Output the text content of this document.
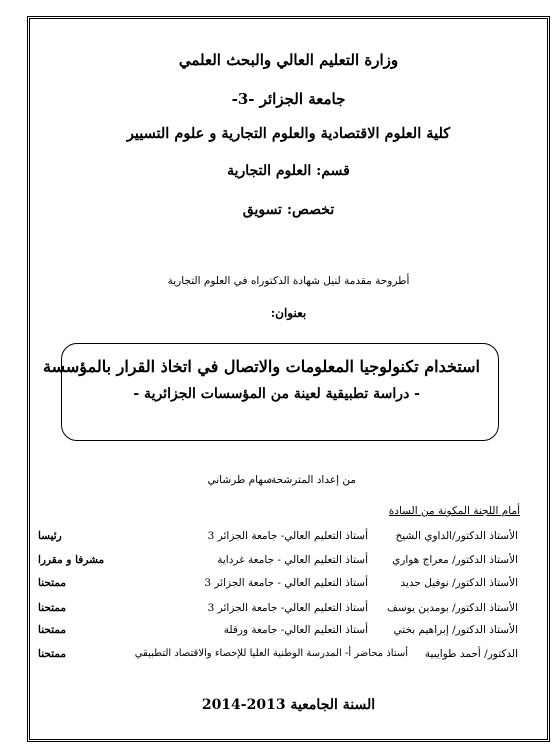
وزارة التعليم العالي والبحث العلمي
جامعة الجزائر -3-
كلية العلوم الاقتصادية والعلوم التجارية و علوم التسيير
قسم: العلوم التجارية
تخصص: تسويق
أطروحة مقدمة لنيل شهادة الدكتوراه في العلوم التجارية
بعنوان:
استخدام تكنولوجيا المعلومات والاتصال في اتخاذ القرار بالمؤسسة
- دراسة تطبيقية لعينة من المؤسسات الجزائرية -
من إعداد المترشحة:
سهام طرشاني
أمام اللجنة المكونة من السادة
الأستاذ الدكتور/الداوي الشيخ
أستاذ التعليم العالي- جامعة الجزائر 3
رئيسا
الأستاذ الدكتور/ معراج هواري
أستاذ التعليم العالي - جامعة غرداية
مشرفا و مقررا
الأستاذ الدكتور/ نوفيل حديد
أستاذ التعليم العالي - جامعة الجزائر 3
ممتحنا
الأستاذ الدكتور/ بومدين يوسف
أستاذ التعليم العالي- جامعة الجزائر 3
ممتحنا
الأستاذ الدكتور/ إبراهيم بختي
أستاذ التعليم العالي- جامعة ورقلة
ممتحنا
الدكتور/ أحمد طوايبية
أستاذ محاضر أ- المدرسة الوطنية العليا للإحصاء والاقتصاد التطبيقي
ممتحنا
السنة الجامعية 2013-2014
